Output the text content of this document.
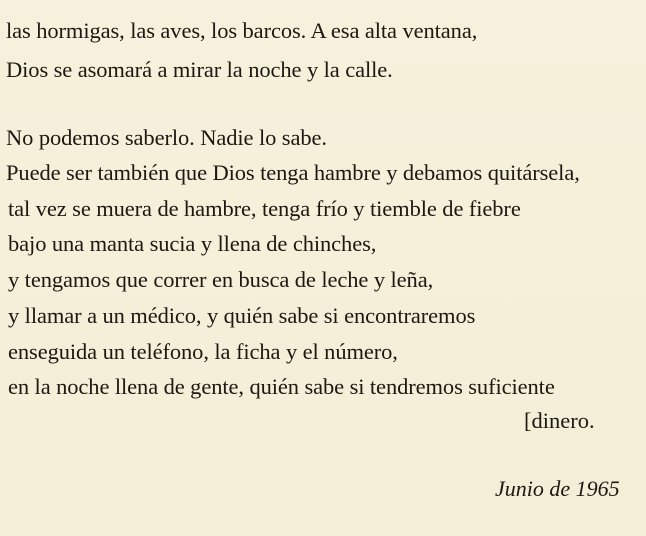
las hormigas, las aves, los barcos. A esa alta ventana,
Dios se asomará a mirar la noche y la calle.
No podemos saberlo. Nadie lo sabe.
Puede ser también que Dios tenga hambre y debamos quitársela,
tal vez se muera de hambre, tenga frío y tiemble de fiebre
bajo una manta sucia y llena de chinches,
y tengamos que correr en busca de leche y leña,
y llamar a un médico, y quién sabe si encontraremos
enseguida un teléfono, la ficha y el número,
en la noche llena de gente, quién sabe si tendremos suficiente
[dinero.
Junio de 1965
